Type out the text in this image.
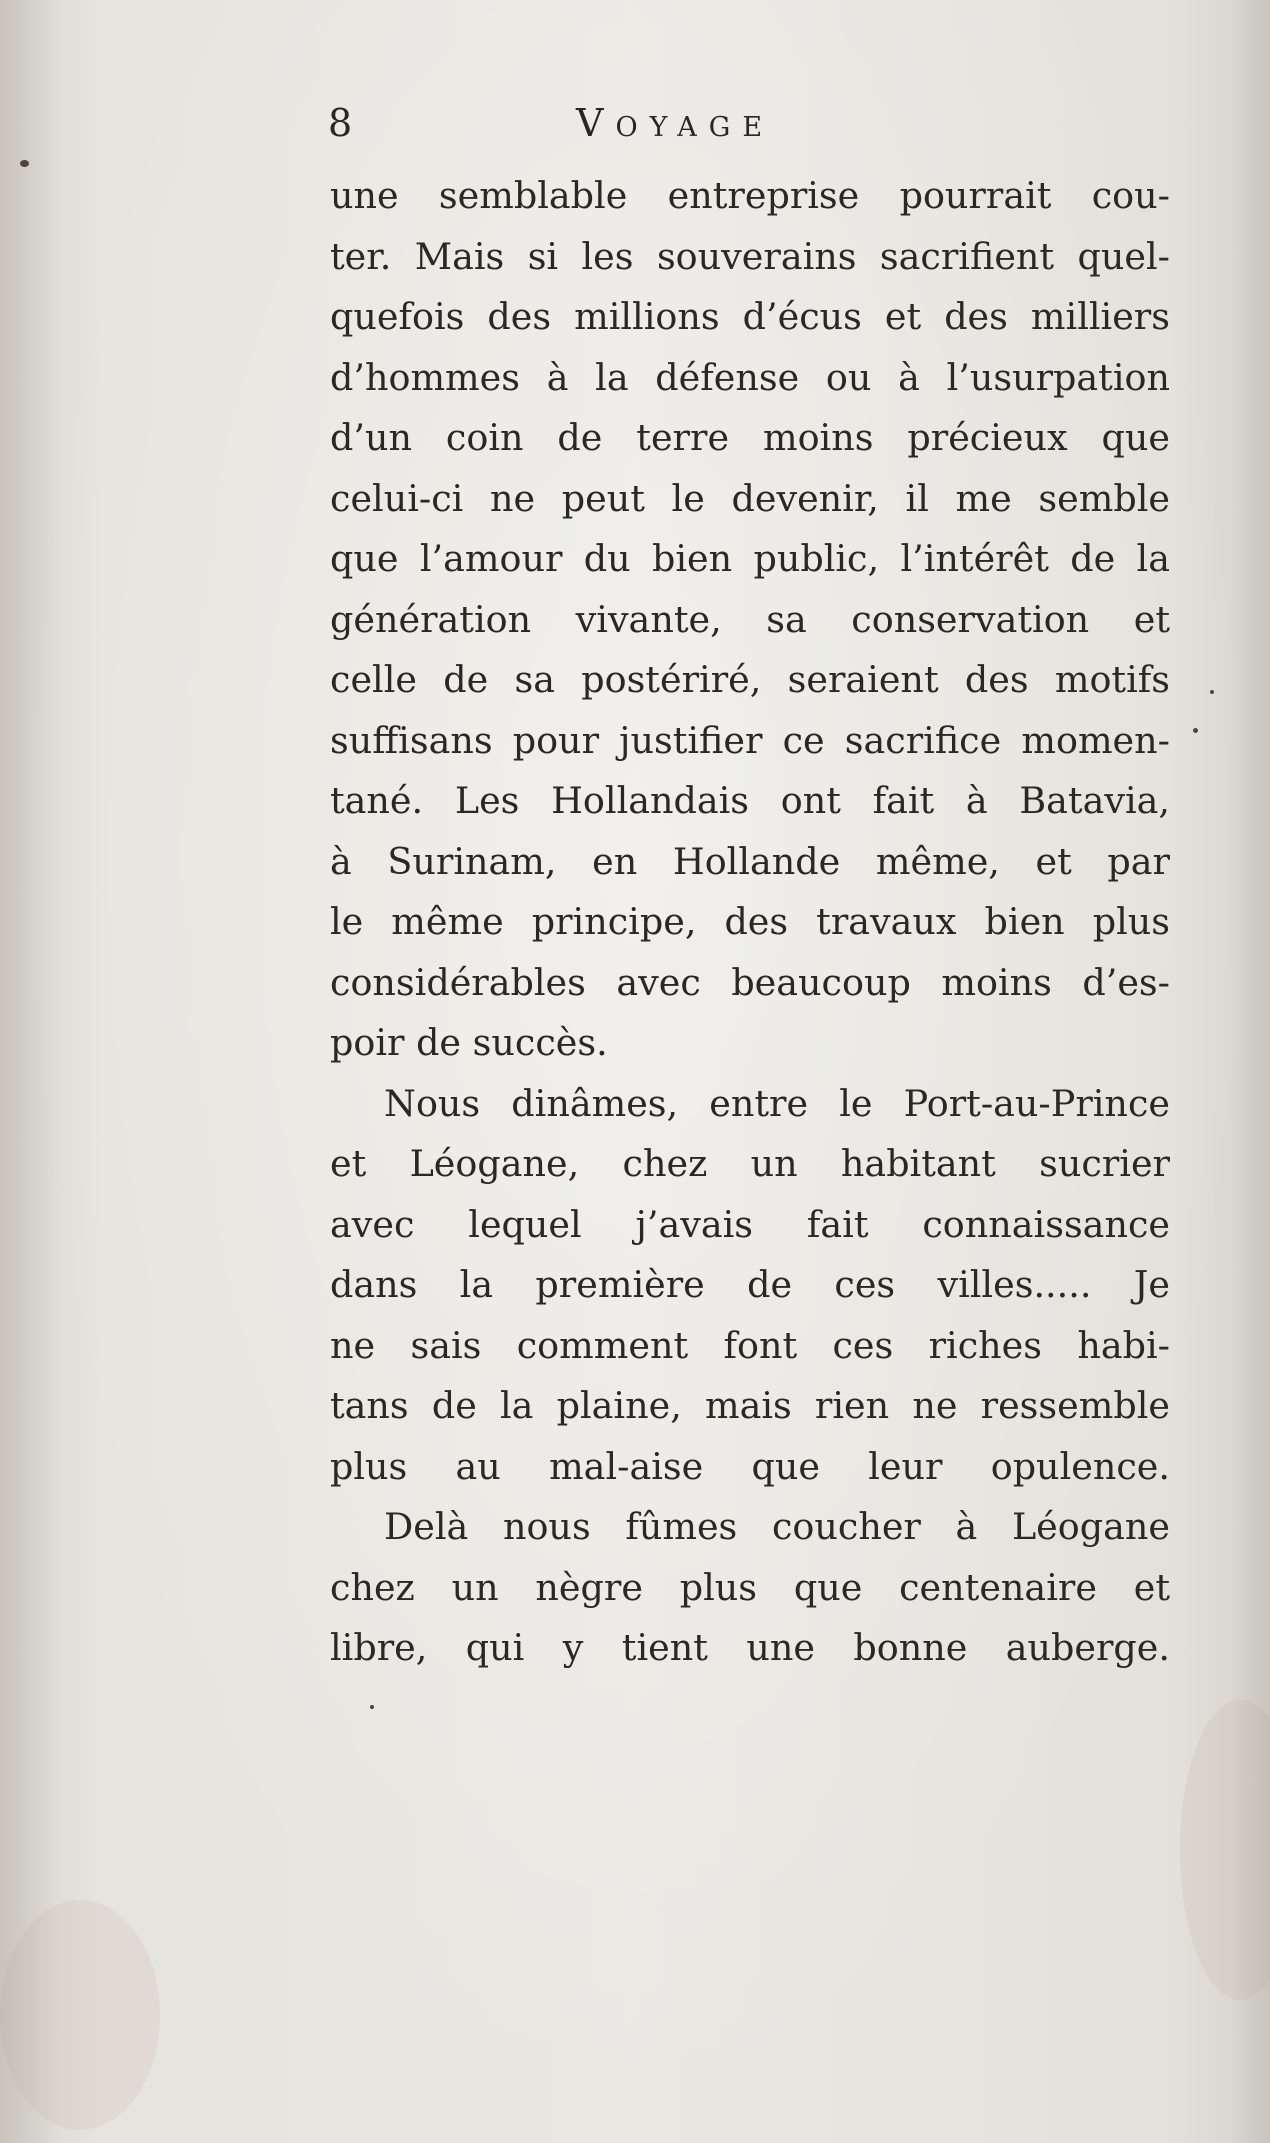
8	Voyage
une semblable entreprise pourrait cou-
ter. Mais si les souverains sacrifient quel-
quefois des millions d’écus et des milliers
d’hommes à la défense ou à l’usurpation
d’un coin de terre moins précieux que
celui-ci ne peut le devenir, il me semble
que l’amour du bien public, l’intérêt de la
génération vivante, sa conservation et
celle de sa postériré, seraient des motifs
suffisans pour justifier ce sacrifice momen-
tané. Les Hollandais ont fait à Batavia,
à Surinam, en Hollande même, et par
le même principe, des travaux bien plus
considérables avec beaucoup moins d’es-
poir de succès.
Nous dinâmes, entre le Port-au-Prince
et Léogane, chez un habitant sucrier
avec lequel j’avais fait connaissance
dans la première de ces villes..... Je
ne sais comment font ces riches habi-
tans de la plaine, mais rien ne ressemble
plus au mal-aise que leur opulence.
Delà nous fûmes coucher à Léogane
chez un nègre plus que centenaire et
libre, qui y tient une bonne auberge.
